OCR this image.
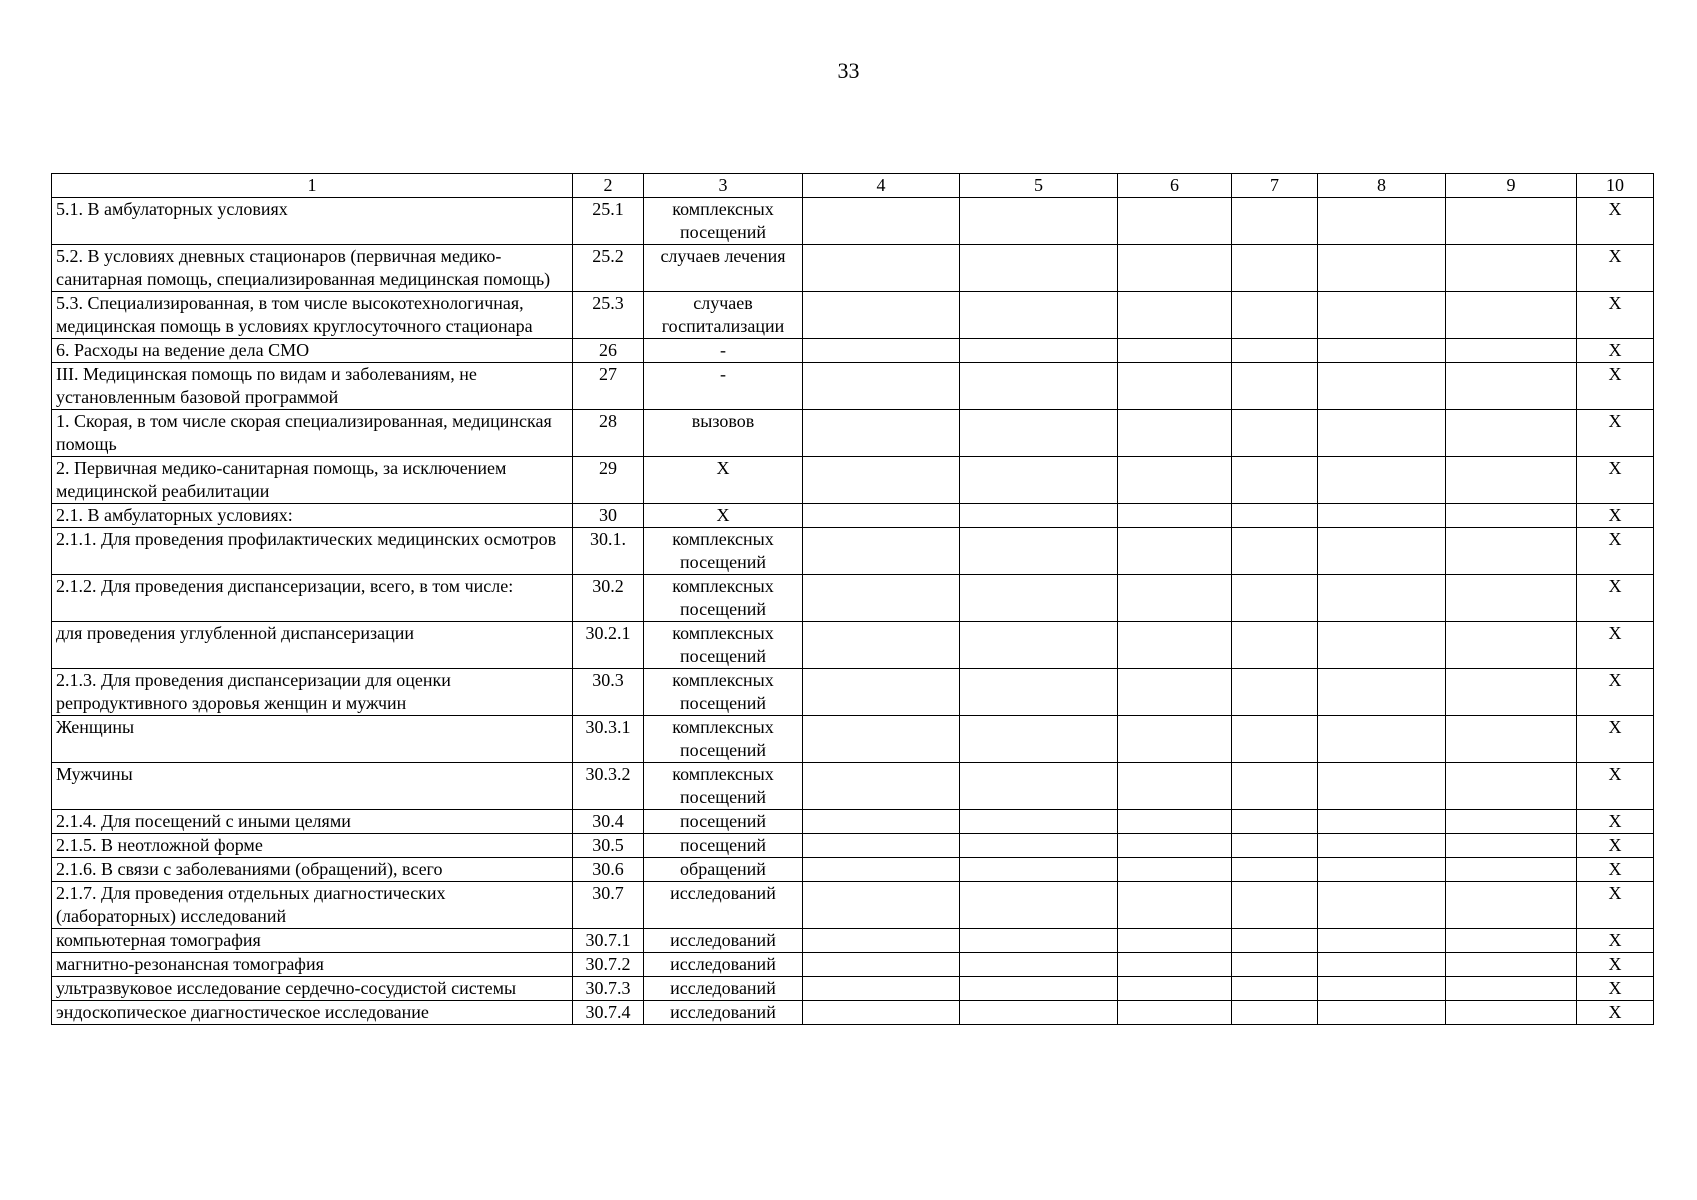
33
1	2	3	4	5	6	7	8	9	10
5.1. В амбулаторных условиях	25.1	комплексных посещений							X
5.2. В условиях дневных стационаров (первичная медико-санитарная помощь, специализированная медицинская помощь)	25.2	случаев лечения							X
5.3. Специализированная, в том числе высокотехнологичная, медицинская помощь в условиях круглосуточного стационара	25.3	случаев госпитализации							X
6. Расходы на ведение дела СМО	26	-							X
III. Медицинская помощь по видам и заболеваниям, не установленным базовой программой	27	-							X
1. Скорая, в том числе скорая специализированная, медицинская помощь	28	вызовов							X
2. Первичная медико-санитарная помощь, за исключением медицинской реабилитации	29	X							X
2.1. В амбулаторных условиях:	30	X							X
2.1.1. Для проведения профилактических медицинских осмотров	30.1.	комплексных посещений							X
2.1.2. Для проведения диспансеризации, всего, в том числе:	30.2	комплексных посещений							X
для проведения углубленной диспансеризации	30.2.1	комплексных посещений							X
2.1.3. Для проведения диспансеризации для оценки репродуктивного здоровья женщин и мужчин	30.3	комплексных посещений							X
Женщины	30.3.1	комплексных посещений							X
Мужчины	30.3.2	комплексных посещений							X
2.1.4. Для посещений с иными целями	30.4	посещений							X
2.1.5. В неотложной форме	30.5	посещений							X
2.1.6. В связи с заболеваниями (обращений), всего	30.6	обращений							X
2.1.7. Для проведения отдельных диагностических (лабораторных) исследований	30.7	исследований							X
компьютерная томография	30.7.1	исследований							X
магнитно-резонансная томография	30.7.2	исследований							X
ультразвуковое исследование сердечно-сосудистой системы	30.7.3	исследований							X
эндоскопическое диагностическое исследование	30.7.4	исследований							X
